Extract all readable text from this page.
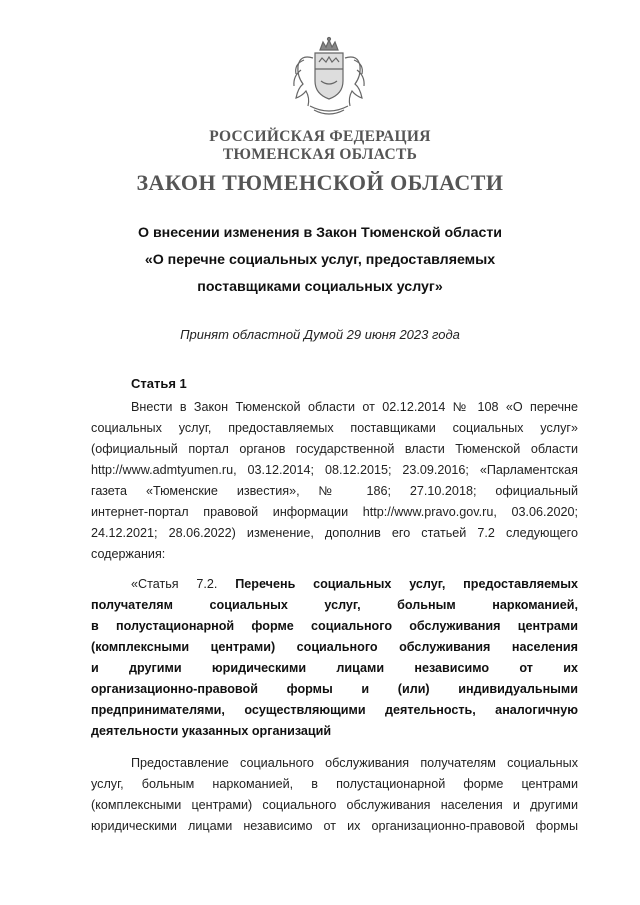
РОССИЙСКАЯ ФЕДЕРАЦИЯ
ТЮМЕНСКАЯ ОБЛАСТЬ
ЗАКОН ТЮМЕНСКОЙ ОБЛАСТИ
О внесении изменения в Закон Тюменской области
«О перечне социальных услуг, предоставляемых
поставщиками социальных услуг»
Принят областной Думой 29 июня 2023 года
Статья 1
Внести в Закон Тюменской области от 02.12.2014 № 108 «О перечне
социальных услуг, предоставляемых поставщиками социальных услуг»
(официальный портал органов государственной власти Тюменской области
http://www.admtyumen.ru, 03.12.2014; 08.12.2015; 23.09.2016; «Парламентская
газета «Тюменские известия», № 186; 27.10.2018; официальный
интернет-портал правовой информации http://www.pravo.gov.ru, 03.06.2020;
24.12.2021; 28.06.2022) изменение, дополнив его статьей 7.2 следующего
содержания:
«Статья 7.2. Перечень социальных услуг, предоставляемых
получателям социальных услуг, больным наркоманией,
в полустационарной форме социального обслуживания центрами
(комплексными центрами) социального обслуживания населения
и другими юридическими лицами независимо от их
организационно-правовой формы и (или) индивидуальными
предпринимателями, осуществляющими деятельность, аналогичную
деятельности указанных организаций
Предоставление социального обслуживания получателям социальных
услуг, больным наркоманией, в полустационарной форме центрами
(комплексными центрами) социального обслуживания населения и другими
юридическими лицами независимо от их организационно-правовой формы
